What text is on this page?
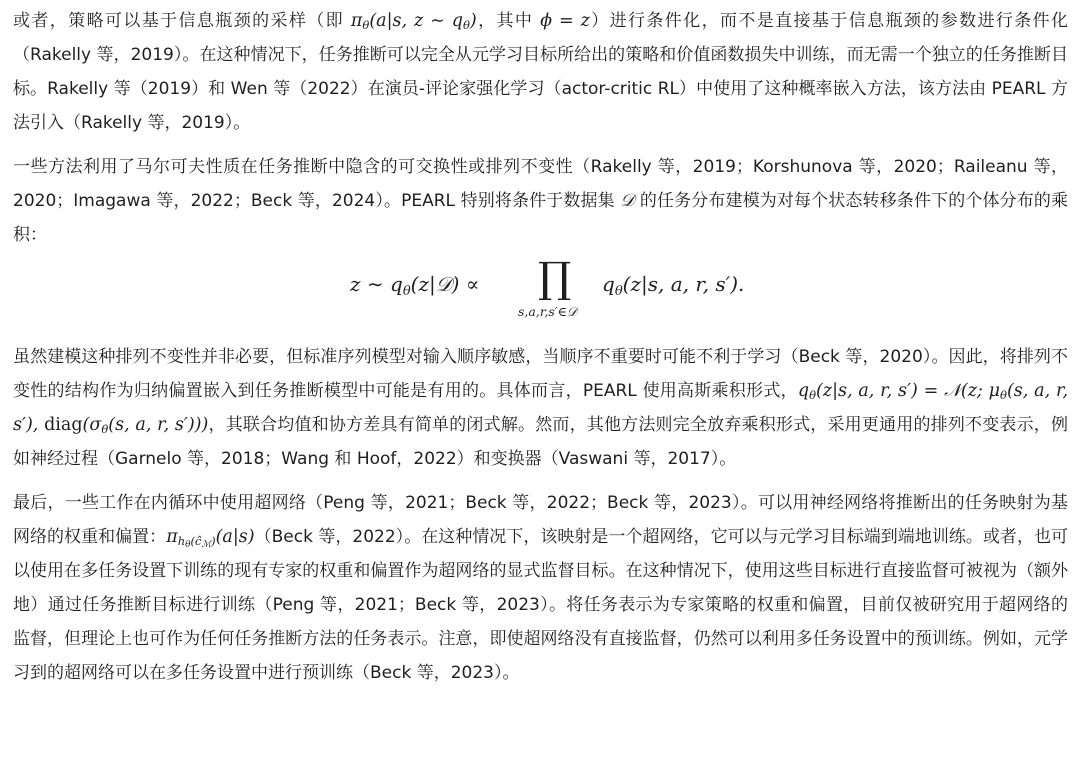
或者，策略可以基于信息瓶颈的采样（即 $\pi_\theta(a|s$, z ∼ $q_\theta$)，其中 ϕ = z）进行条件化，而不是直接基于信息瓶颈的参数进行条件化（Rakelly 等，2019）。在这种情况下，任务推断可以完全从元学习目标所给出的策略和价值函数损失中训练，而无需一个独立的任务推断目标。Rakelly 等（2019）和 Wen 等（2022）在演员-评论家强化学习（actor-critic RL）中使用了这种概率嵌入方法，该方法由 PEARL 方法引入（Rakelly 等，2019）。

一些方法利用了马尔可夫性质在任务推断中隐含的可交换性或排列不变性（Rakelly 等，2019；Korshunova 等，2020；Raileanu 等，2020；Imagawa 等，2022；Beck 等，2024）。PEARL 特别将条件于数据集 𝒟 的任务分布建模为对每个状态转移条件下的个体分布的乘积：

z ∼ $q_\theta(z|𝒟)$ ∝ ∏
s,a,r,s′∈𝒟
$q_\theta(z|s$, a, r, s′).

虽然建模这种排列不变性并非必要，但标准序列模型对输入顺序敏感，当顺序不重要时可能不利于学习（Beck 等，2020）。因此，将排列不变性的结构作为归纳偏置嵌入到任务推断模型中可能是有用的。具体而言，PEARL 使用高斯乘积形式，$q_\theta(z|s$, a, r, s′) = 𝒩(z; $\mu_\theta(s$, a, r, s′), $diag(\sigma_\theta(s$, a, r, s′)))，其联合均值和协方差具有简单的闭式解。然而，其他方法则完全放弃乘积形式，采用更通用的排列不变表示，例如神经过程（Garnelo 等，2018；Wang 和 Hoof，2022）和变换器（Vaswani 等，2017）。

最后，一些工作在内循环中使用超网络（Peng 等，2021；Beck 等，2022；Beck 等，2023）。可以用神经网络将推断出的任务映射为基网络的权重和偏置：$\pi_{h_\theta(ĉ_ℳ)}(a|s)(Beck$ 等，2022）。在这种情况下，该映射是一个超网络，它可以与元学习目标端到端地训练。或者，也可以使用在多任务设置下训练的现有专家的权重和偏置作为超网络的显式监督目标。在这种情况下，使用这些目标进行直接监督可被视为（额外地）通过任务推断目标进行训练（Peng 等，2021；Beck 等，2023）。将任务表示为专家策略的权重和偏置，目前仅被研究用于超网络的监督，但理论上也可作为任何任务推断方法的任务表示。注意，即使超网络没有直接监督，仍然可以利用多任务设置中的预训练。例如，元学习到的超网络可以在多任务设置中进行预训练（Beck 等，2023）。
